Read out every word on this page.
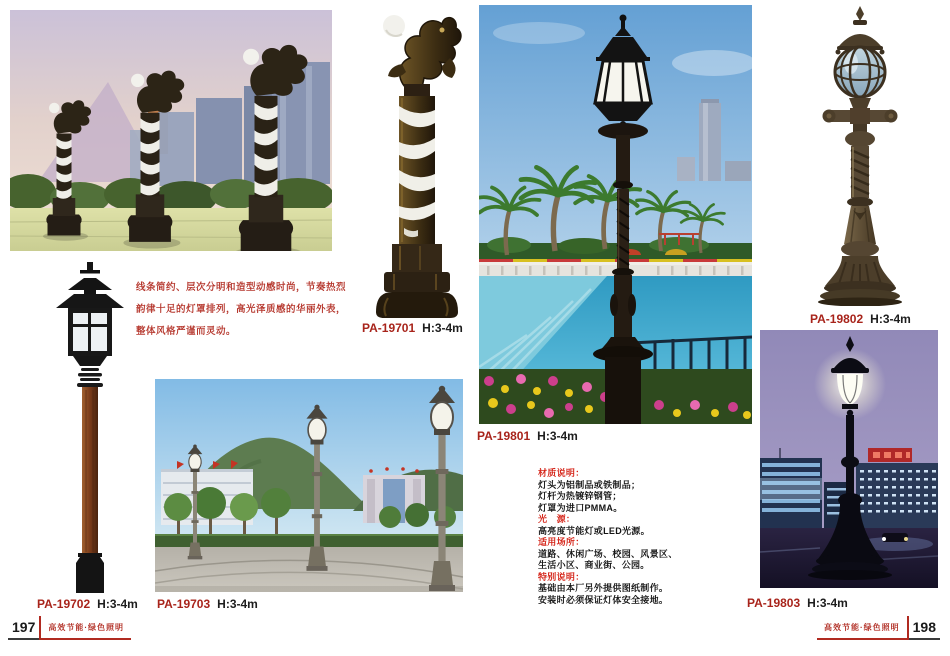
线条简约、层次分明和造型动感时尚，节奏热烈
韵律十足的灯罩排列，高光泽质感的华丽外表，
整体风格严谨而灵动。
材质说明：
灯头为铝制品或铁制品；
灯杆为热镀锌钢管；
灯罩为进口PMMA。
光　源：
高亮度节能灯或LED光源。
适用场所：
道路、休闲广场、校园、风景区、
生活小区、商业街、公园。
特别说明：
基础由本厂另外提供图纸制作。
安装时必须保证灯体安全接地。
PA-19701 H:3-4m
PA-19702 H:3-4m PA-19703 H:3-4m
PA-19801 H:3-4m
PA-19802 H:3-4m
PA-19803 H:3-4m
197	高效节能·绿色照明	高效节能·绿色照明 198
